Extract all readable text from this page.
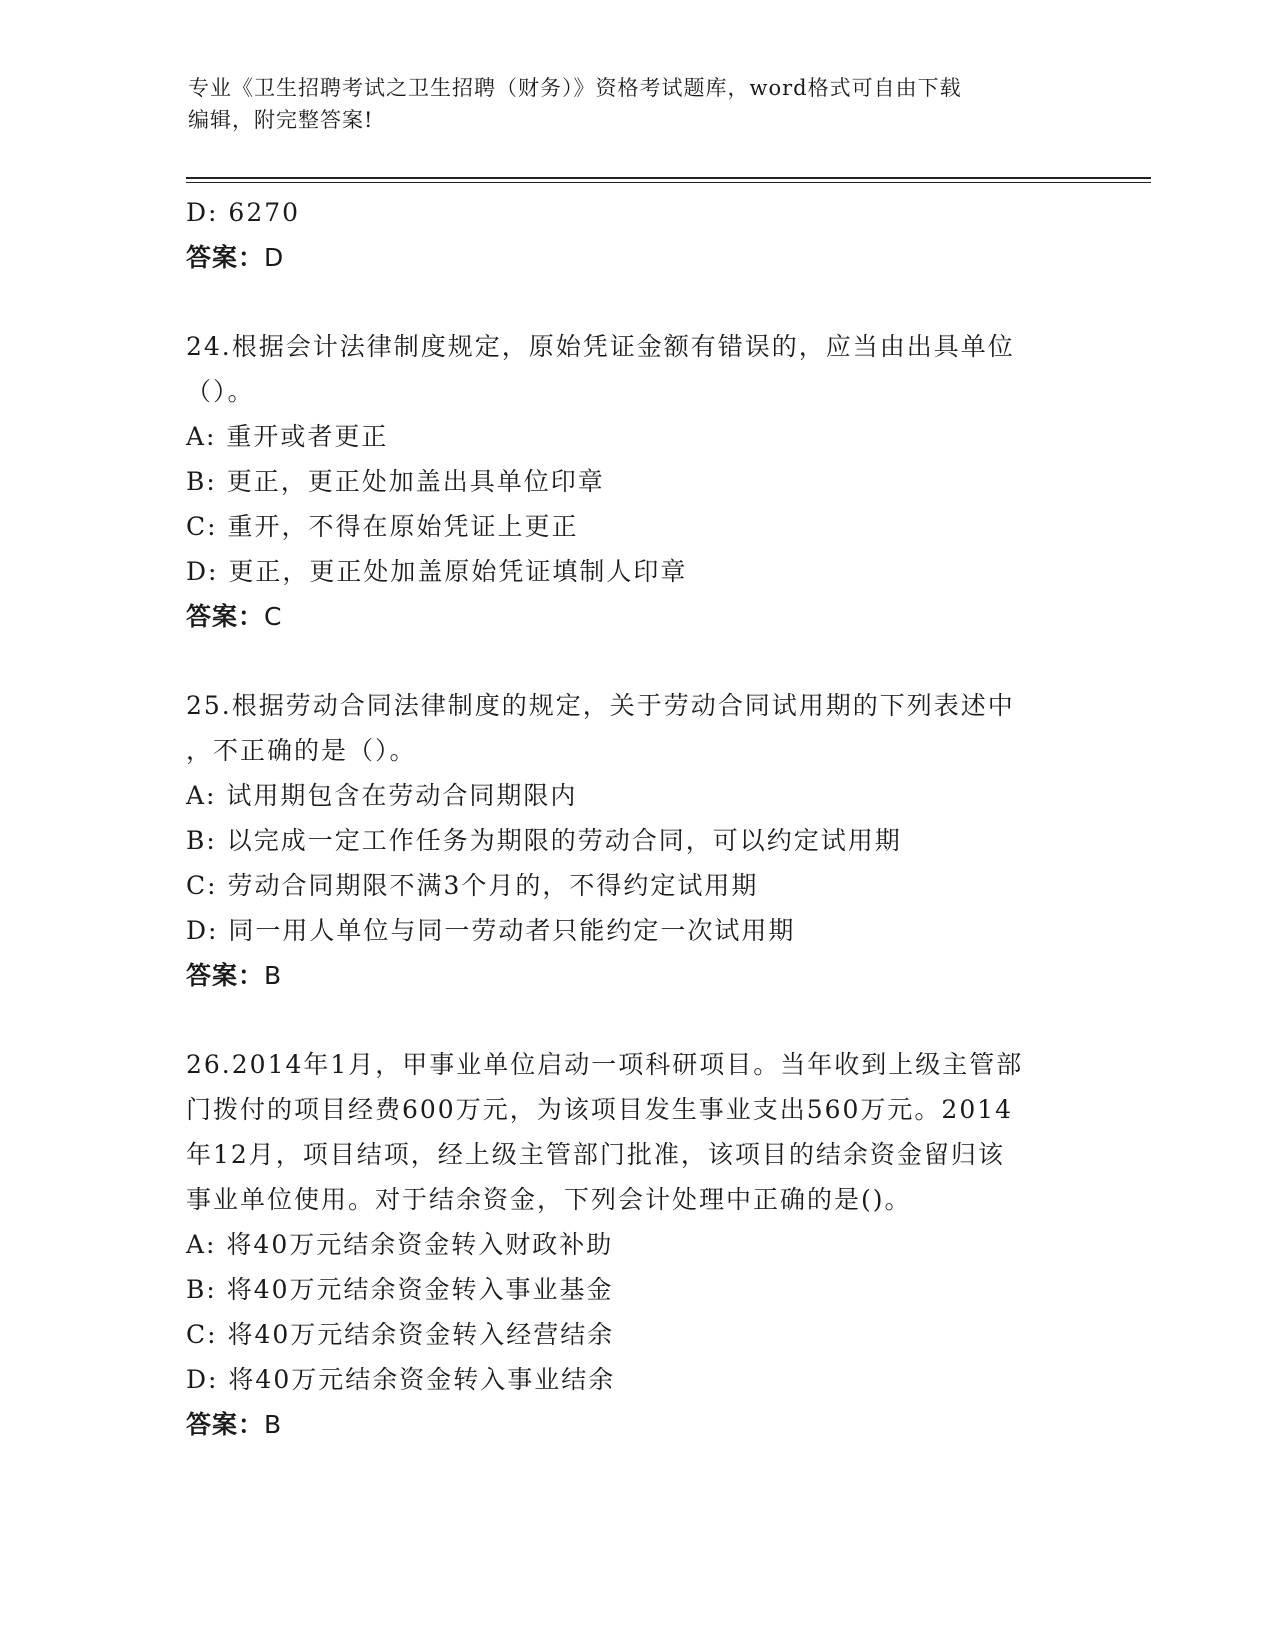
专业《卫生招聘考试之卫生招聘（财务）》资格考试题库，word格式可自由下载
编辑，附完整答案!
D: 6270
答案：D
24.根据会计法律制度规定，原始凭证金额有错误的，应当由出具单位
（）。
A: 重开或者更正
B: 更正，更正处加盖出具单位印章
C: 重开，不得在原始凭证上更正
D: 更正，更正处加盖原始凭证填制人印章
答案：C
25.根据劳动合同法律制度的规定，关于劳动合同试用期的下列表述中
，不正确的是（）。
A: 试用期包含在劳动合同期限内
B: 以完成一定工作任务为期限的劳动合同，可以约定试用期
C: 劳动合同期限不满3个月的，不得约定试用期
D: 同一用人单位与同一劳动者只能约定一次试用期
答案：B
26.2014年1月，甲事业单位启动一项科研项目。当年收到上级主管部
门拨付的项目经费600万元，为该项目发生事业支出560万元。2014
年12月，项目结项，经上级主管部门批准，该项目的结余资金留归该
事业单位使用。对于结余资金，下列会计处理中正确的是()。
A: 将40万元结余资金转入财政补助
B: 将40万元结余资金转入事业基金
C: 将40万元结余资金转入经营结余
D: 将40万元结余资金转入事业结余
答案：B
